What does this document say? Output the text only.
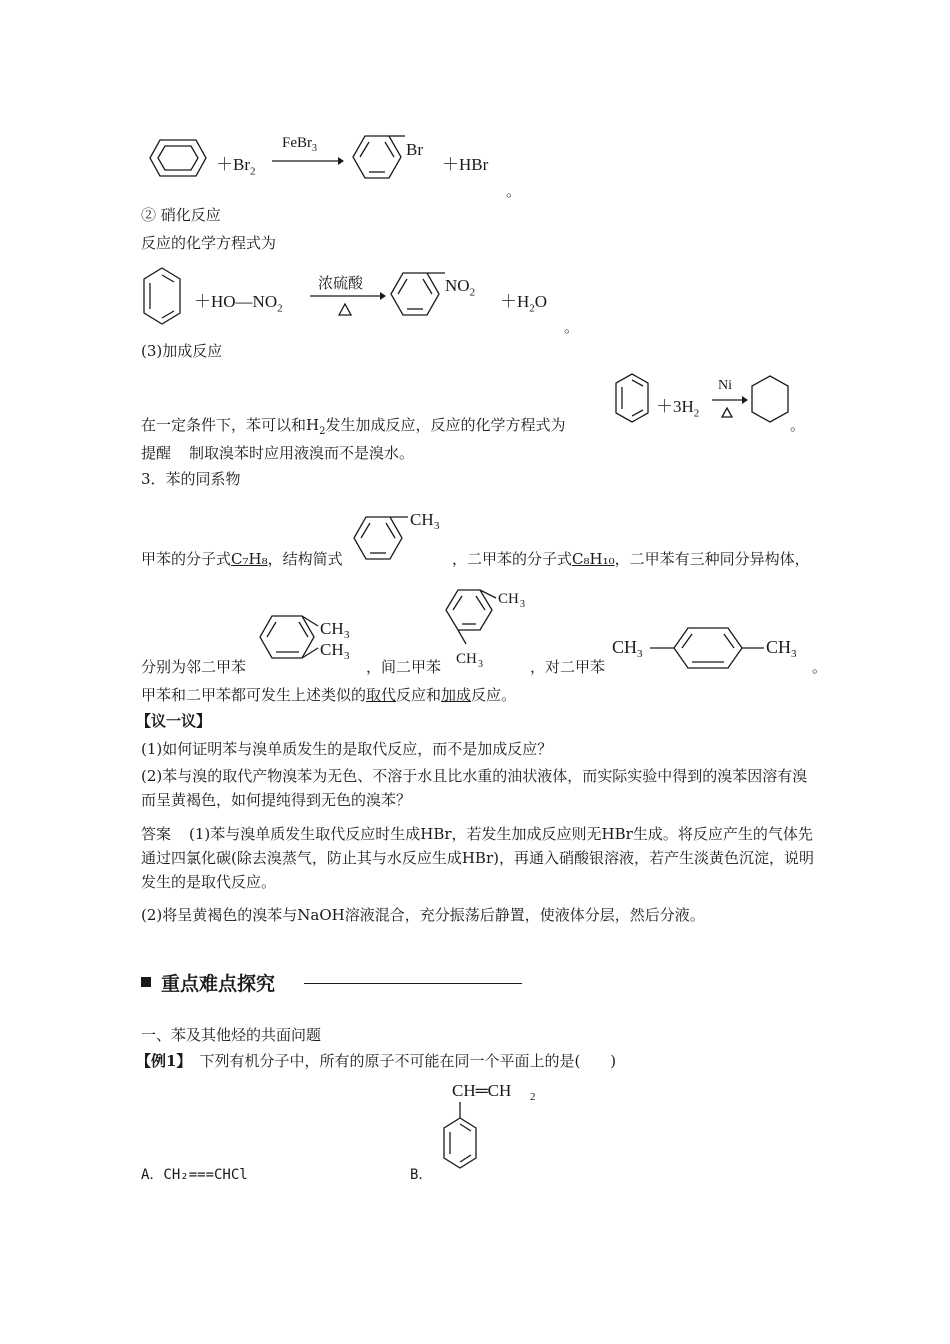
$+Br_2$
FeBr$_3$	Br
＋HBr
。
② 硝化反应
反应的化学方程式为
$+HO—NO_2$
浓硫酸	$NO_2 +H_2O$
。
(3)加成反应
在一定条件下，苯可以和$H_2$发生加成反应，反应的化学方程式为
$+3H_2$
Ni
。
提醒 制取溴苯时应用液溴而不是溴水。
3．苯的同系物
甲苯的分子式C₇H₈，结构简式
CH 3
，二甲苯的分子式C₈H₁₀，二甲苯有三种同分异构体，
分别为邻二甲苯
CH 3
CH 3
，间二甲苯
CH 3
CH 3	，对二甲苯
CH 3	CH 3
。
甲苯和二甲苯都可发生上述类似的取代反应和加成反应。
【议一议】
(1)如何证明苯与溴单质发生的是取代反应，而不是加成反应？
(2)苯与溴的取代产物溴苯为无色、不溶于水且比水重的油状液体，而实际实验中得到的溴苯因溶有溴而呈黄褐色，如何提纯得到无色的溴苯？
答案 (1)苯与溴单质发生取代反应时生成HBr，若发生加成反应则无HBr生成。将反应产生的气体先通过四氯化碳(除去溴蒸气，防止其与水反应生成HBr)，再通入硝酸银溶液，若产生淡黄色沉淀，说明发生的是取代反应。
(2)将呈黄褐色的溴苯与NaOH溶液混合，充分振荡后静置，使液体分层，然后分液。
重点难点探究
一、苯及其他烃的共面问题
【例1】 下列有机分子中，所有的原子不可能在同一个平面上的是(　　)
A．CH₂===CHCl	B．
CH═CH 2
